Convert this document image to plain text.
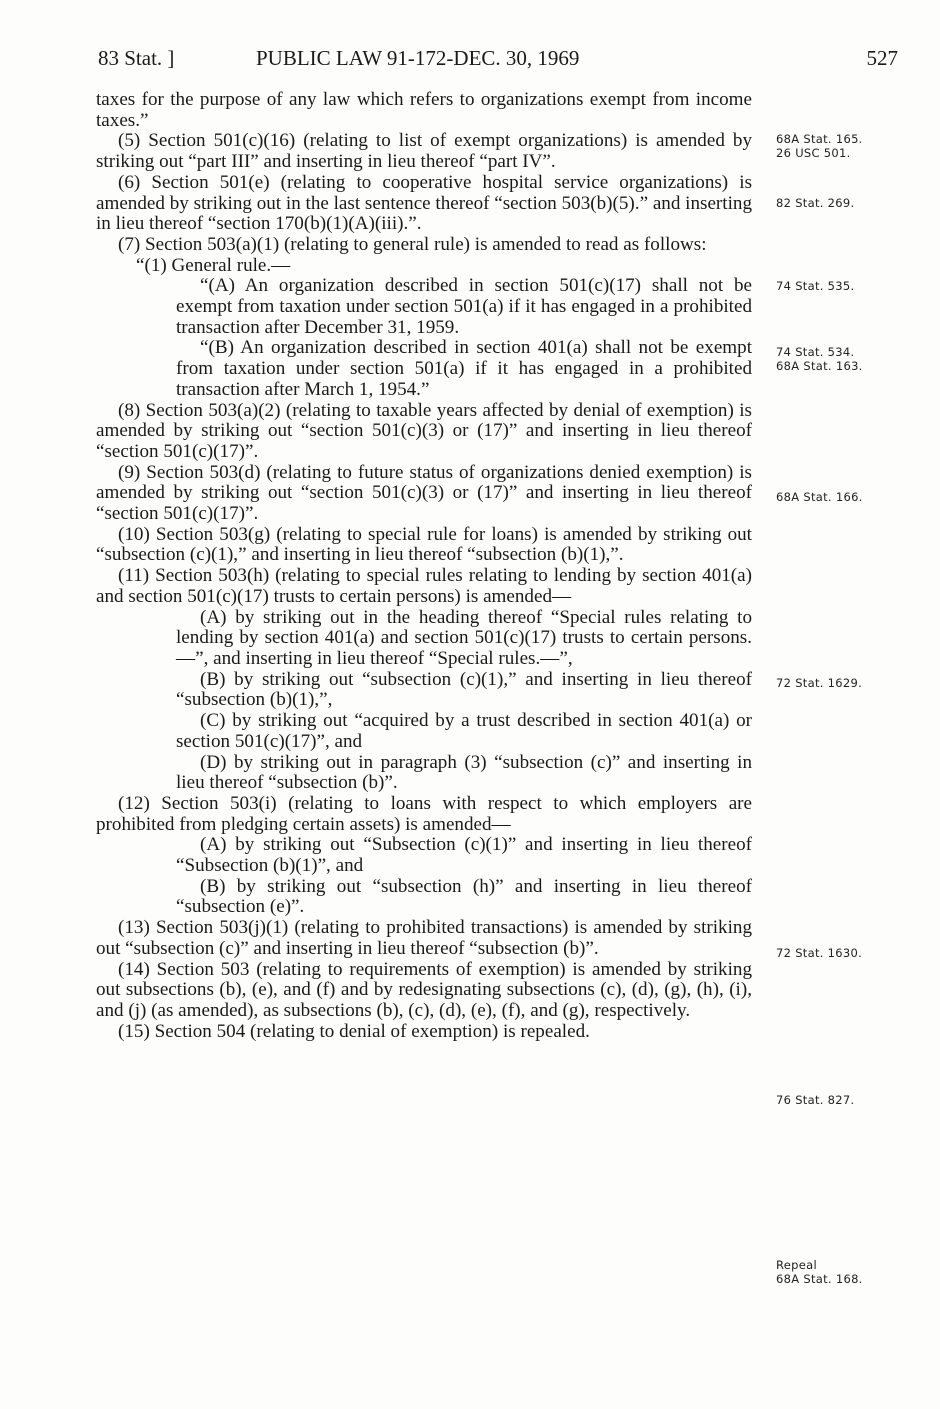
83 Stat. ]	PUBLIC LAW 91-172-DEC. 30, 1969	527

taxes for the purpose of any law which refers to organizations exempt from income taxes.”

(5) Section 501(c)(16) (relating to list of exempt organizations) is amended by striking out “part III” and inserting in lieu thereof “part IV”.

(6) Section 501(e) (relating to cooperative hospital service organizations) is amended by striking out in the last sentence thereof “section 503(b)(5).” and inserting in lieu thereof “section 170(b)(1)(A)(iii).”.

(7) Section 503(a)(1) (relating to general rule) is amended to read as follows:

“(1) General rule.—

“(A) An organization described in section 501(c)(17) shall not be exempt from taxation under section 501(a) if it has engaged in a prohibited transaction after December 31, 1959.

“(B) An organization described in section 401(a) shall not be exempt from taxation under section 501(a) if it has engaged in a prohibited transaction after March 1, 1954.”

(8) Section 503(a)(2) (relating to taxable years affected by denial of exemption) is amended by striking out “section 501(c)(3) or (17)” and inserting in lieu thereof “section 501(c)(17)”.

(9) Section 503(d) (relating to future status of organizations denied exemption) is amended by striking out “section 501(c)(3) or (17)” and inserting in lieu thereof “section 501(c)(17)”.

(10) Section 503(g) (relating to special rule for loans) is amended by striking out “subsection (c)(1),” and inserting in lieu thereof “subsection (b)(1),”.

(11) Section 503(h) (relating to special rules relating to lending by section 401(a) and section 501(c)(17) trusts to certain persons) is amended—

(A) by striking out in the heading thereof “Special rules relating to lending by section 401(a) and section 501(c)(17) trusts to certain persons.—”, and inserting in lieu thereof “Special rules.—”,

(B) by striking out “subsection (c)(1),” and inserting in lieu thereof “subsection (b)(1),”,

(C) by striking out “acquired by a trust described in section 401(a) or section 501(c)(17)”, and

(D) by striking out in paragraph (3) “subsection (c)” and inserting in lieu thereof “subsection (b)”.

(12) Section 503(i) (relating to loans with respect to which employers are prohibited from pledging certain assets) is amended—

(A) by striking out “Subsection (c)(1)” and inserting in lieu thereof “Subsection (b)(1)”, and

(B) by striking out “subsection (h)” and inserting in lieu thereof “subsection (e)”.

(13) Section 503(j)(1) (relating to prohibited transactions) is amended by striking out “subsection (c)” and inserting in lieu thereof “subsection (b)”.

(14) Section 503 (relating to requirements of exemption) is amended by striking out subsections (b), (e), and (f) and by redesignating subsections (c), (d), (g), (h), (i), and (j) (as amended), as subsections (b), (c), (d), (e), (f), and (g), respectively.

(15) Section 504 (relating to denial of exemption) is repealed.

68A Stat. 165.
26 USC 501.
82 Stat. 269.
74 Stat. 535.
74 Stat. 534.
68A Stat. 163.
68A Stat. 166.
72 Stat. 1629.
72 Stat. 1630.
76 Stat. 827.
Repeal
68A Stat. 168.
